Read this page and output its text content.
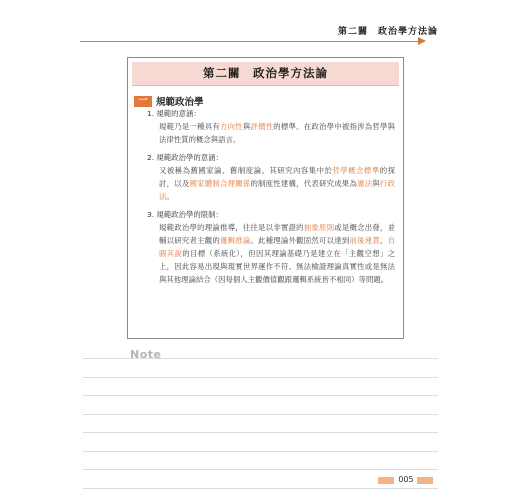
第二關　政治學方法論
第二關　政治學方法論
一 規範政治學
1. 規範的意涵：
規範乃是一種具有方向性與評價性的標準。在政治學中被指涉為哲學與法律性質的概念與語言。
2. 規範政治學的意涵：
又被稱為舊國家論、舊制度論。其研究內容集中於哲學概念標準的探討，以及國家體制合理關係的制度性建構，代表研究成果為憲法與行政法。
3. 規範政治學的限制：
規範政治學的理論推導，往往是以非實證的抽象原則或是概念出發，並輔以研究者主觀的邏輯推論。此種理論外觀固然可以達到前後連貫、自圓其說的目標（系統化），但因其理論基礎乃是建立在「主觀空想」之上，因此容易出現與現實世界運作不符、無法檢證理論真實性或是無法與其他理論結合（因每個人主觀價值觀跟邏輯系統皆不相同）等問題。
Note
005
